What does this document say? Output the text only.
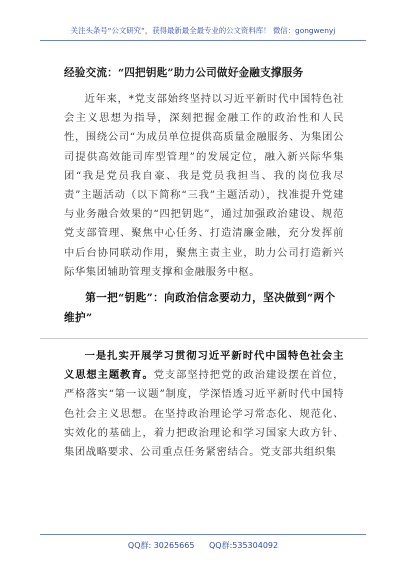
关注头条号“公文研究”，获得最新最全最专业的公文资料库！ 微信：gongwenyj
经验交流：“四把钥匙”助力公司做好金融支撑服务

近年来，*党支部始终坚持以习近平新时代中国特色社会主义思想为指导，深刻把握金融工作的政治性和人民性，围绕公司“为成员单位提供高质量金融服务、为集团公司提供高效能司库型管理”的发展定位，融入新兴际华集团“我是党员我自豪、我是党员我担当、我的岗位我尽责”主题活动（以下简称“三我”主题活动），找准提升党建与业务融合效果的“四把钥匙”，通过加强政治建设、规范党支部管理、聚焦中心任务、打造清廉金融，充分发挥前中后台协同联动作用，聚焦主责主业，助力公司打造新兴际华集团辅助管理支撑和金融服务中枢。

第一把“钥匙”：向政治信念要动力，坚决做到“两个维护”

一是扎实开展学习贯彻习近平新时代中国特色社会主义思想主题教育。党支部坚持把党的政治建设摆在首位，严格落实“第一议题”制度，学深悟透习近平新时代中国特色社会主义思想。在坚持政治理论学习常态化、规范化、实效化的基础上，着力把政治理论和学习国家大政方针、集团战略要求、公司重点任务紧密结合。党支部共组织集

QQ群: 30265665 QQ群:535304092
